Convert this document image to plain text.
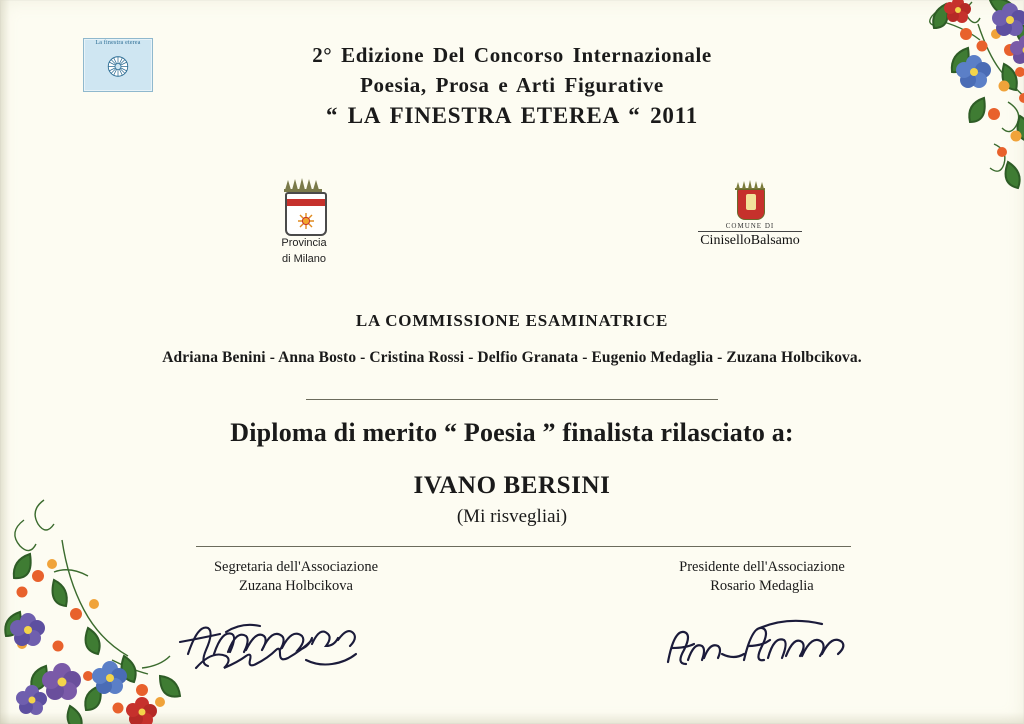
La finestra eterea	2° Edizione Del Concorso Internazionale
Poesia, Prosa e Arti Figurative
“ LA FINESTRA ETEREA “ 2011
Provincia
di Milano
COMUNE DI
CiniselloBalsamo
LA COMMISSIONE ESAMINATRICE
Adriana Benini - Anna Bosto - Cristina Rossi - Delfio Granata - Eugenio Medaglia - Zuzana Holbcikova.
Diploma di merito “ Poesia ” finalista rilasciato a:
IVANO BERSINI
(Mi risvegliai)
Segretaria dell'Associazione
Zuzana Holbcikova
Presidente dell'Associazione
Rosario Medaglia
